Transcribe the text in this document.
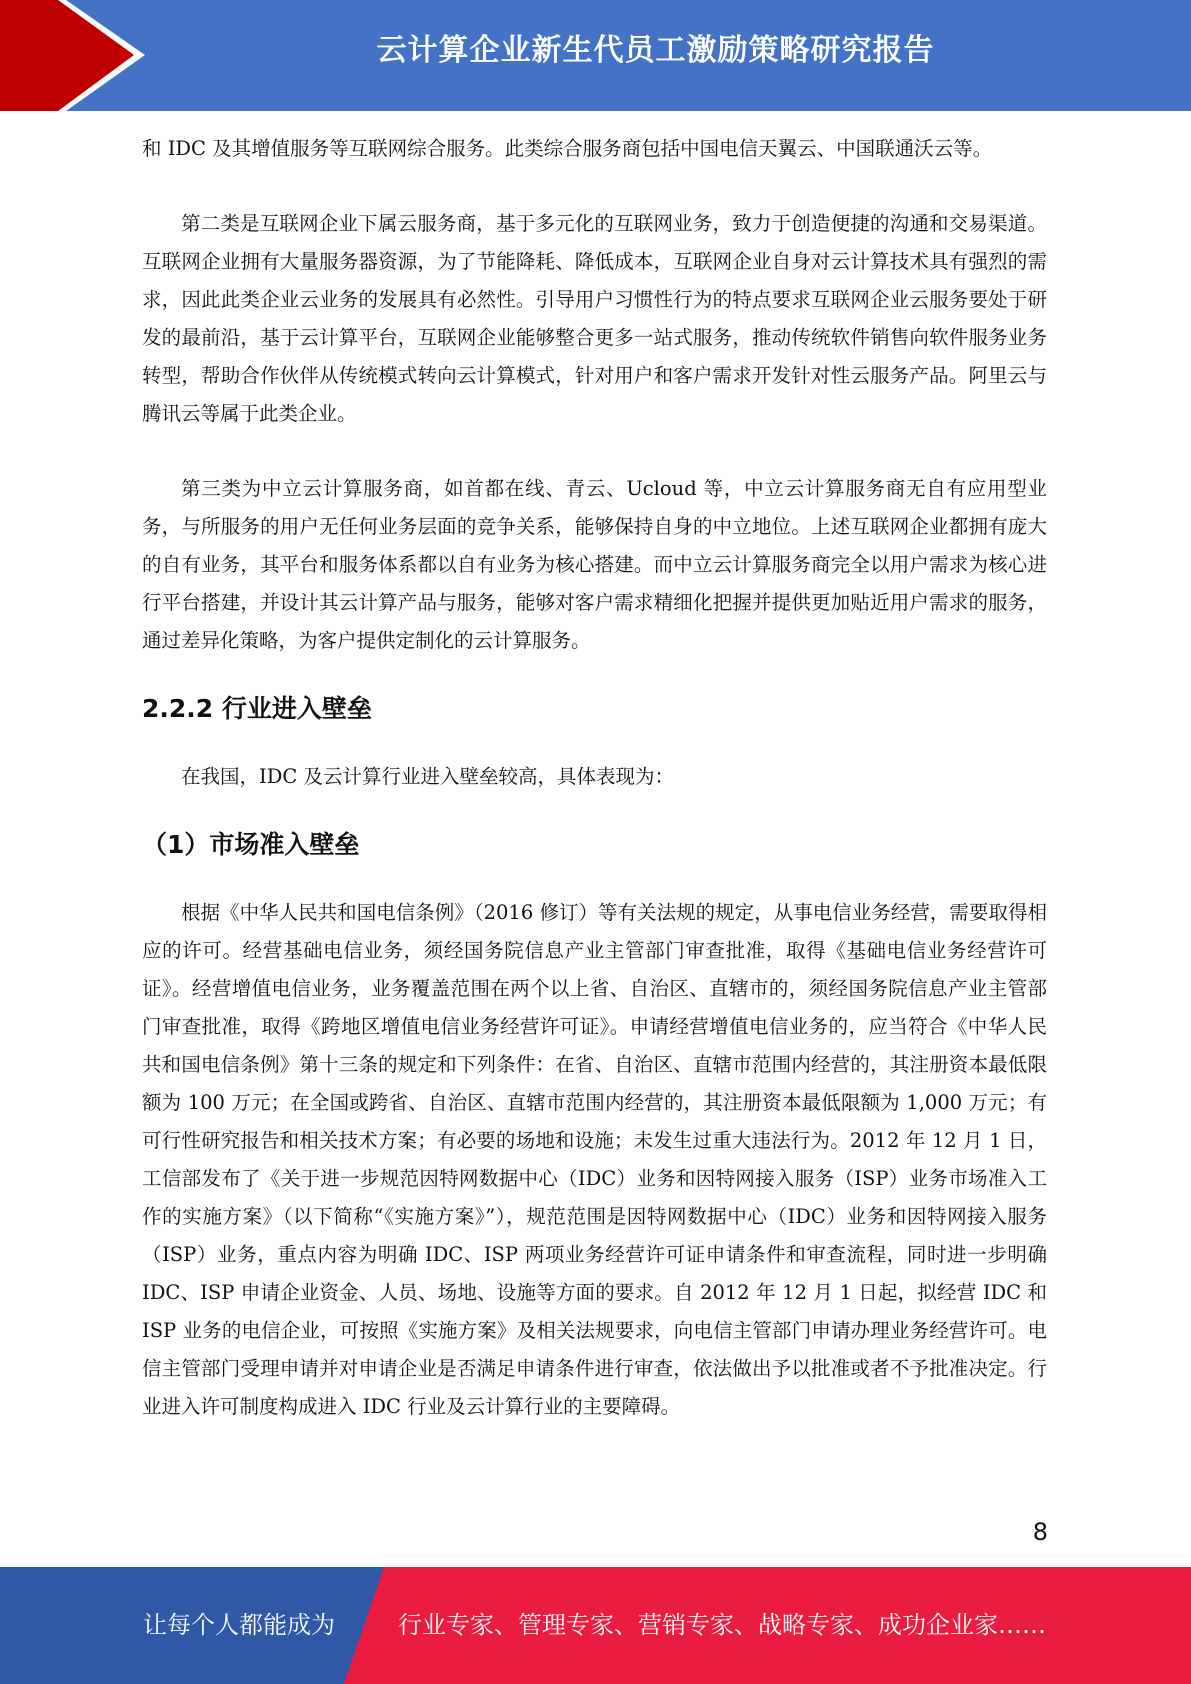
云计算企业新生代员工激励策略研究报告

和 IDC 及其增值服务等互联网综合服务。此类综合服务商包括中国电信天翼云、中国联通沃云等。

第二类是互联网企业下属云服务商，基于多元化的互联网业务，致力于创造便捷的沟通和交易渠道。互联网企业拥有大量服务器资源，为了节能降耗、降低成本，互联网企业自身对云计算技术具有强烈的需求，因此此类企业云业务的发展具有必然性。引导用户习惯性行为的特点要求互联网企业云服务要处于研发的最前沿，基于云计算平台，互联网企业能够整合更多一站式服务，推动传统软件销售向软件服务业务转型，帮助合作伙伴从传统模式转向云计算模式，针对用户和客户需求开发针对性云服务产品。阿里云与腾讯云等属于此类企业。

第三类为中立云计算服务商，如首都在线、青云、Ucloud 等，中立云计算服务商无自有应用型业务，与所服务的用户无任何业务层面的竞争关系，能够保持自身的中立地位。上述互联网企业都拥有庞大的自有业务，其平台和服务体系都以自有业务为核心搭建。而中立云计算服务商完全以用户需求为核心进行平台搭建，并设计其云计算产品与服务，能够对客户需求精细化把握并提供更加贴近用户需求的服务，通过差异化策略，为客户提供定制化的云计算服务。

2.2.2 行业进入壁垒

在我国，IDC 及云计算行业进入壁垒较高，具体表现为：

（1）市场准入壁垒

根据《中华人民共和国电信条例》（2016 修订）等有关法规的规定，从事电信业务经营，需要取得相应的许可。经营基础电信业务，须经国务院信息产业主管部门审查批准，取得《基础电信业务经营许可证》。经营增值电信业务，业务覆盖范围在两个以上省、自治区、直辖市的，须经国务院信息产业主管部门审查批准，取得《跨地区增值电信业务经营许可证》。申请经营增值电信业务的，应当符合《中华人民共和国电信条例》第十三条的规定和下列条件：在省、自治区、直辖市范围内经营的，其注册资本最低限额为 100 万元；在全国或跨省、自治区、直辖市范围内经营的，其注册资本最低限额为 1,000 万元；有可行性研究报告和相关技术方案；有必要的场地和设施；未发生过重大违法行为。2012 年 12 月 1 日，工信部发布了《关于进一步规范因特网数据中心（IDC）业务和因特网接入服务（ISP）业务市场准入工作的实施方案》（以下简称“《实施方案》”），规范范围是因特网数据中心（IDC）业务和因特网接入服务（ISP）业务，重点内容为明确 IDC、ISP 两项业务经营许可证申请条件和审查流程，同时进一步明确 IDC、ISP 申请企业资金、人员、场地、设施等方面的要求。自 2012 年 12 月 1 日起，拟经营 IDC 和 ISP 业务的电信企业，可按照《实施方案》及相关法规要求，向电信主管部门申请办理业务经营许可。电信主管部门受理申请并对申请企业是否满足申请条件进行审查，依法做出予以批准或者不予批准决定。行业进入许可制度构成进入 IDC 行业及云计算行业的主要障碍。

8
让每个人都能成为	行业专家、管理专家、营销专家、战略专家、成功企业家……
